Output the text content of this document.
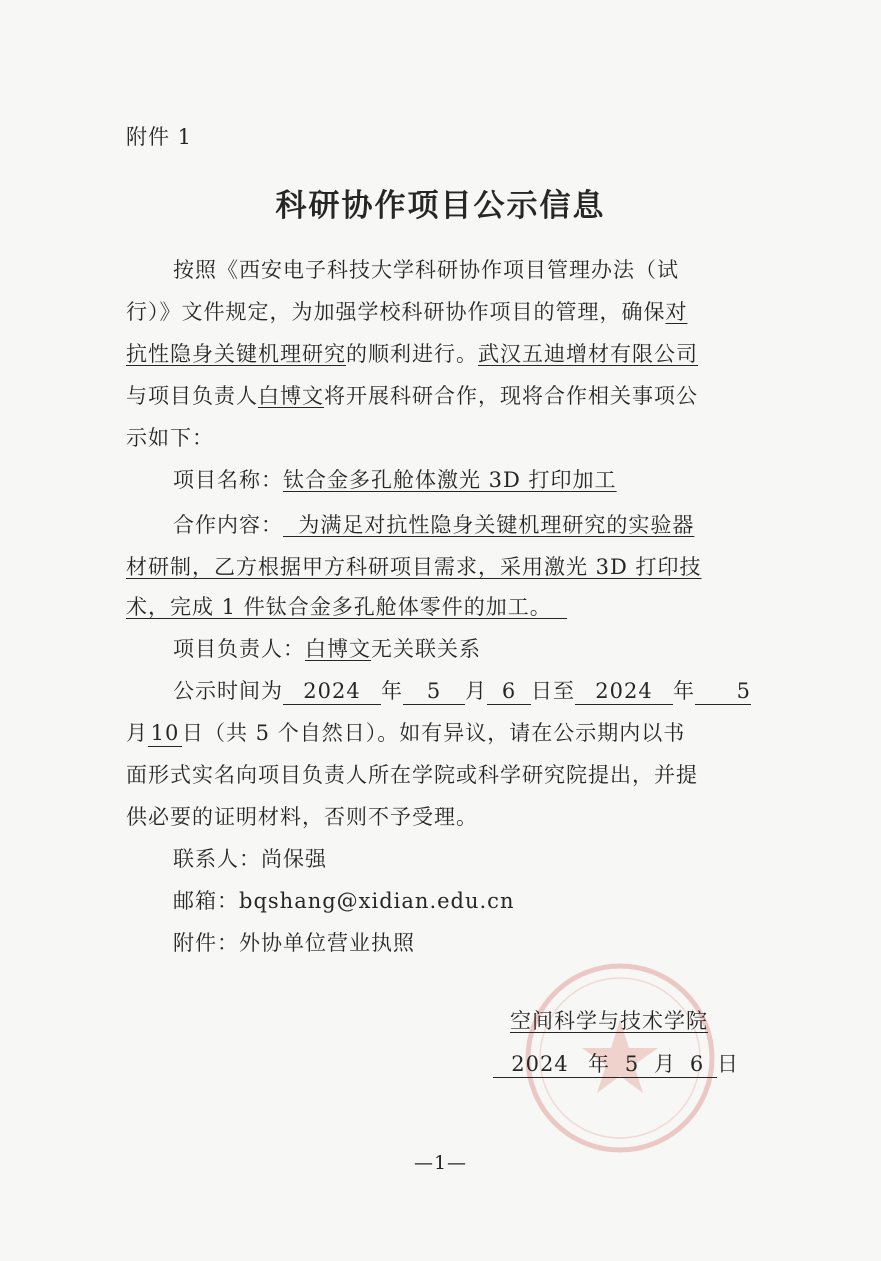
附件 1
科研协作项目公示信息
按照《西安电子科技大学科研协作项目管理办法（试
行）》文件规定，为加强学校科研协作项目的管理，确保对
抗性隐身关键机理研究的顺利进行。武汉五迪增材有限公司
与项目负责人白博文将开展科研合作，现将合作相关事项公
示如下：
项目名称：钛合金多孔舱体激光 3D 打印加工
合作内容：  为满足对抗性隐身关键机理研究的实验器
材研制，乙方根据甲方科研项目需求，采用激光 3D 打印技
术，完成 1 件钛合金多孔舱体零件的加工。
项目负责人：白博文无关联关系
公示时间为 2024 年 5 月 6 日至 2024 年 5
月 10 日（共 5 个自然日）。如有异议，请在公示期内以书
面形式实名向项目负责人所在学院或科学研究院提出，并提
供必要的证明材料，否则不予受理。
联系人：尚保强
邮箱：bqshang@xidian.edu.cn
附件：外协单位营业执照
空间科学与技术学院
2024 年 5 月 6 日
—1—
